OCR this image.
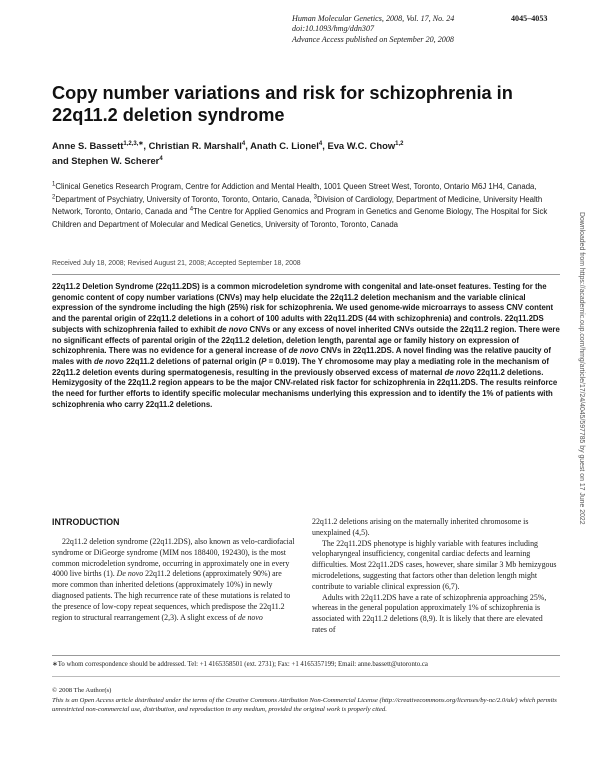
Human Molecular Genetics, 2008, Vol. 17, No. 24	4045–4053
doi:10.1093/hmg/ddn307
Advance Access published on September 20, 2008
Copy number variations and risk for schizophrenia in 22q11.2 deletion syndrome
Anne S. Bassett$^{1,2,3,∗}$, Christian R. Marshall$^4$, Anath C. Lionel$^4$, Eva W.C. Chow$^{1,2}$
and Stephen W. Scherer$^4$
$^1$Clinical Genetics Research Program, Centre for Addiction and Mental Health, 1001 Queen Street West, Toronto, Ontario M6J 1H4, Canada, $^2$Department of Psychiatry, University of Toronto, Toronto, Ontario, Canada, $^3$Division of Cardiology, Department of Medicine, University Health Network, Toronto, Ontario, Canada and $^4$The Centre for Applied Genomics and Program in Genetics and Genome Biology, The Hospital for Sick Children and Department of Molecular and Medical Genetics, University of Toronto, Toronto, Canada
Received July 18, 2008; Revised August 21, 2008; Accepted September 18, 2008
22q11.2 Deletion Syndrome (22q11.2DS) is a common microdeletion syndrome with congenital and late-onset features. Testing for the genomic content of copy number variations (CNVs) may help elucidate the 22q11.2 deletion mechanism and the variable clinical expression of the syndrome including the high (25%) risk for schizophrenia. We used genome-wide microarrays to assess CNV content and the parental origin of 22q11.2 deletions in a cohort of 100 adults with 22q11.2DS (44 with schizophrenia) and controls. 22q11.2DS subjects with schizophrenia failed to exhibit de novo CNVs or any excess of novel inherited CNVs outside the 22q11.2 region. There were no significant effects of parental origin of the 22q11.2 deletion, deletion length, parental age or family history on expression of schizophrenia. There was no evidence for a general increase of de novo CNVs in 22q11.2DS. A novel finding was the relative paucity of males with de novo 22q11.2 deletions of paternal origin (P = 0.019). The Y chromosome may play a mediating role in the mechanism of 22q11.2 deletion events during spermatogenesis, resulting in the previously observed excess of maternal de novo 22q11.2 deletions. Hemizygosity of the 22q11.2 region appears to be the major CNV-related risk factor for schizophrenia in 22q11.2DS. The results reinforce the need for further efforts to identify specific molecular mechanisms underlying this expression and to identify the 1% of patients with schizophrenia who carry 22q11.2 deletions.
INTRODUCTION

22q11.2 deletion syndrome (22q11.2DS), also known as velo-cardiofacial syndrome or DiGeorge syndrome (MIM nos 188400, 192430), is the most common microdeletion syndrome, occurring in approximately one in every 4000 live births (1). De novo 22q11.2 deletions (approximately 90%) are more common than inherited deletions (approximately 10%) in newly diagnosed patients. The high recurrence rate of these mutations is related to the presence of low-copy repeat sequences, which predispose the 22q11.2 region to structural rearrangement (2,3). A slight excess of de novo

22q11.2 deletions arising on the maternally inherited chromosome is unexplained (4,5).

The 22q11.2DS phenotype is highly variable with features including velopharyngeal insufficiency, congenital cardiac defects and learning difficulties. Most 22q11.2DS cases, however, share similar 3 Mb hemizygous microdeletions, suggesting that factors other than deletion length might contribute to variable clinical expression (6,7).

Adults with 22q11.2DS have a rate of schizophrenia approaching 25%, whereas in the general population approximately 1% of schizophrenia is associated with 22q11.2 deletions (8,9). It is likely that there are elevated rates of

∗To whom correspondence should be addressed. Tel: +1 4165358501 (ext. 2731); Fax: +1 4165357199; Email: anne.bassett@utoronto.ca
© 2008 The Author(s)
This is an Open Access article distributed under the terms of the Creative Commons Attribution Non-Commercial License (http://creativecommons.org/licenses/by-nc/2.0/uk/) which permits unrestricted non-commercial use, distribution, and reproduction in any medium, provided the original work is properly cited.
Downloaded from https://academic.oup.com/hmg/article/17/24/4045/597785 by guest on 17 June 2022
